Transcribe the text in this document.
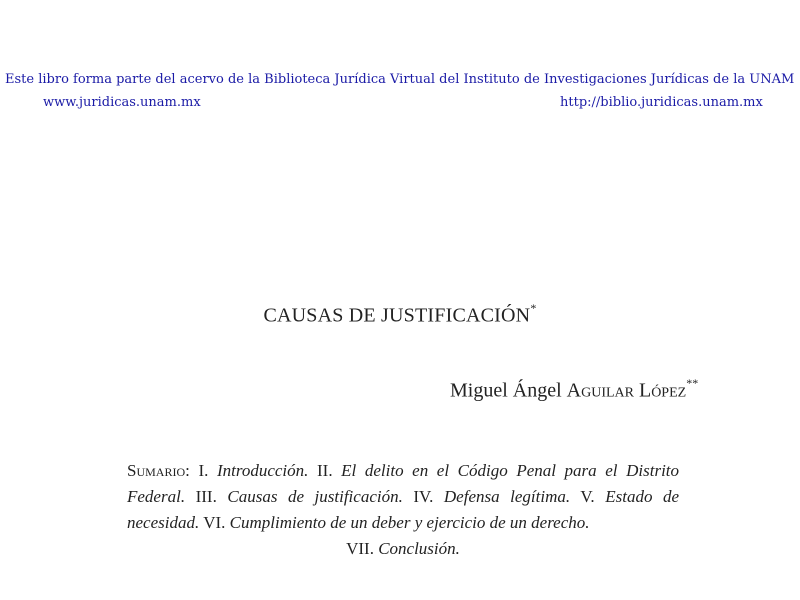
Este libro forma parte del acervo de la Biblioteca Jurídica Virtual del Instituto de Investigaciones Jurídicas de la UNAM
www.juridicas.unam.mx	http://biblio.juridicas.unam.mx
CAUSAS DE JUSTIFICACIÓN*
Miguel Ángel Aguilar López**
Sumario: I. Introducción. II. El delito en el Código Penal para el Distrito Federal. III. Causas de justificación. IV. Defensa legítima. V. Estado de necesidad. VI. Cumplimiento de un deber y ejercicio de un derecho.
VII. Conclusión.
